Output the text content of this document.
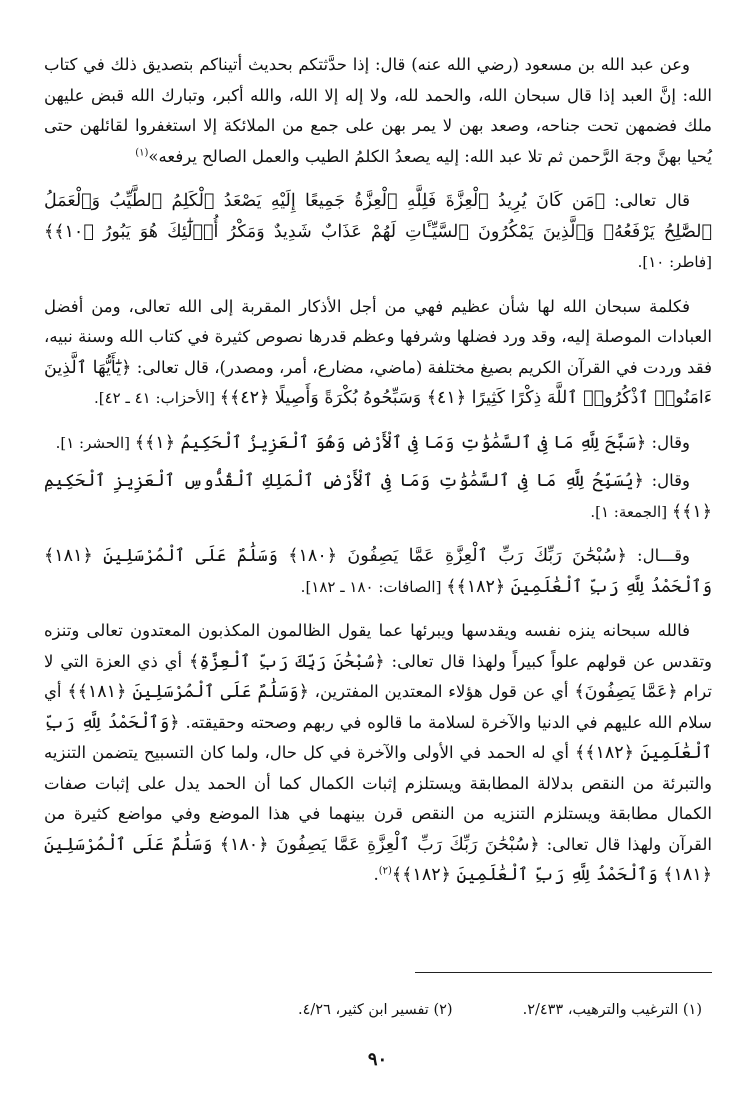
وعن عبد الله بن مسعود (رضي الله عنه) قال: إذا حدَّثتكم بحديث أتيناكم بتصديق ذلك في كتاب الله: إنَّ العبد إذا قال سبحان الله، والحمد لله، ولا إله إلا الله، والله أكبر، وتبارك الله قبض عليهن ملك فضمهن تحت جناحه، وصعد بهن لا يمر بهن على جمع من الملائكة إلا استغفروا لقائلهن حتى يُحيا بهنَّ وجهَ الرَّحمن ثم تلا عبد الله: إليه يصعدُ الكلمُ الطيب والعمل الصالح يرفعه»$^{(١)}$

قال تعالى: ﴿مَن كَانَ يُرِيدُ ٱلْعِزَّةَ فَلِلَّهِ ٱلْعِزَّةُ جَمِيعًا إِلَيْهِ يَصْعَدُ ٱلْكَلِمُ ٱلطَّيِّبُ وَٱلْعَمَلُ ٱلصَّٰلِحُ يَرْفَعُهُۥ وَٱلَّذِينَ يَمْكُرُونَ ٱلسَّيِّـَٔاتِ لَهُمْ عَذَابٌ شَدِيدٌ وَمَكْرُ أُو۟لَٰٓئِكَ هُوَ يَبُورُ ﴿١٠﴾﴾ [فاطر: ١٠].

فكلمة سبحان الله لها شأن عظيم فهي من أجل الأذكار المقربة إلى الله تعالى، ومن أفضل العبادات الموصلة إليه، وقد ورد فضلها وشرفها وعظم قدرها نصوص كثيرة في كتاب الله وسنة نبيه، فقد وردت في القرآن الكريم بصيغ مختلفة (ماضي، مضارع، أمر، ومصدر)، قال تعالى: ﴿يَٰٓأَيُّهَا ٱلَّذِينَ ءَامَنُوا۟ ٱذْكُرُوا۟ ٱللَّهَ ذِكْرًا كَثِيرًا ﴿٤١﴾ وَسَبِّحُوهُ بُكْرَةً وَأَصِيلًا ﴿٤٢﴾﴾ [الأحزاب: ٤١ ـ ٤٢].

وقال: ﴿سَبَّحَ لِلَّهِ مَا فِى ٱلسَّمَٰوَٰتِ وَمَا فِى ٱلْأَرْضِ وَهُوَ ٱلْعَزِيزُ ٱلْحَكِيمُ ﴿١﴾﴾ [الحشر: ١].

وقال: ﴿يُسَبِّحُ لِلَّهِ مَا فِى ٱلسَّمَٰوَٰتِ وَمَا فِى ٱلْأَرْضِ ٱلْمَلِكِ ٱلْقُدُّوسِ ٱلْعَزِيزِ ٱلْحَكِيمِ ﴿١﴾﴾ [الجمعة: ١].

وقـــال: ﴿سُبْحَٰنَ رَبِّكَ رَبِّ ٱلْعِزَّةِ عَمَّا يَصِفُونَ ﴿١٨٠﴾ وَسَلَٰمٌ عَلَى ٱلْمُرْسَلِينَ ﴿١٨١﴾ وَٱلْحَمْدُ لِلَّهِ رَبِّ ٱلْعَٰلَمِينَ ﴿١٨٢﴾﴾ [الصافات: ١٨٠ ـ ١٨٢].

فالله سبحانه ينزه نفسه ويقدسها ويبرئها عما يقول الظالمون المكذبون المعتدون تعالى وتنزه وتقدس عن قولهم علواً كبيراً ولهذا قال تعالى: ﴿سُبْحَٰنَ رَبِّكَ رَبِّ ٱلْعِزَّةِ﴾ أي ذي العزة التي لا ترام ﴿عَمَّا يَصِفُونَ﴾ أي عن قول هؤلاء المعتدين المفترين، ﴿وَسَلَٰمٌ عَلَى ٱلْمُرْسَلِينَ ﴿١٨١﴾﴾ أي سلام الله عليهم في الدنيا والآخرة لسلامة ما قالوه في ربهم وصحته وحقيقته. ﴿وَٱلْحَمْدُ لِلَّهِ رَبِّ ٱلْعَٰلَمِينَ ﴿١٨٢﴾﴾ أي له الحمد في الأولى والآخرة في كل حال، ولما كان التسبيح يتضمن التنزيه والتبرئة من النقص بدلالة المطابقة ويستلزم إثبات الكمال كما أن الحمد يدل على إثبات صفات الكمال مطابقة ويستلزم التنزيه من النقص قرن بينهما في هذا الموضع وفي مواضع كثيرة من القرآن ولهذا قال تعالى: ﴿سُبْحَٰنَ رَبِّكَ رَبِّ ٱلْعِزَّةِ عَمَّا يَصِفُونَ ﴿١٨٠﴾ وَسَلَٰمٌ عَلَى ٱلْمُرْسَلِينَ ﴿١٨١﴾ وَٱلْحَمْدُ لِلَّهِ رَبِّ ٱلْعَٰلَمِينَ ﴿١٨٢﴾﴾$^{(٢)}$.

(١) الترغيب والترهيب، ٢/٤٣٣.
(٢) تفسير ابن كثير، ٤/٢٦.
٩٠
